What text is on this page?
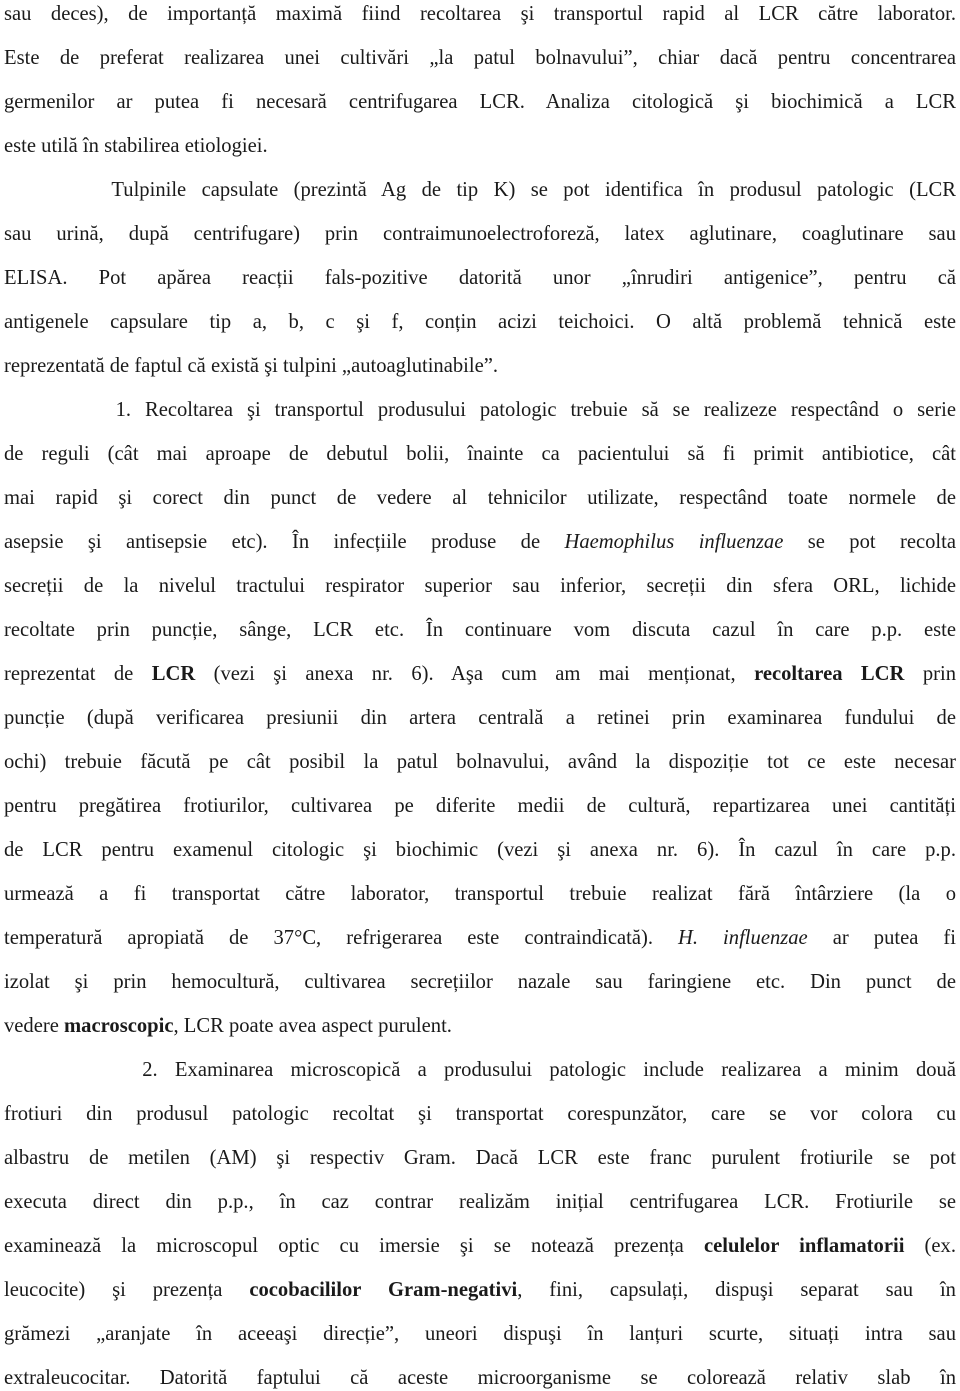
sau deces), de importanță maximă fiind recoltarea şi transportul rapid al LCR către laborator.
Este de preferat realizarea unei cultivări „la patul bolnavului”, chiar dacă pentru concentrarea
germenilor ar putea fi necesară centrifugarea LCR. Analiza citologică şi biochimică a LCR
este utilă în stabilirea etiologiei.
Tulpinile capsulate (prezintă Ag de tip K) se pot identifica în produsul patologic (LCR
sau urină, după centrifugare) prin contraimunoelectroforeză, latex aglutinare, coaglutinare sau
ELISA. Pot apărea reacții fals-pozitive datorită unor „înrudiri antigenice”, pentru că
antigenele capsulare tip a, b, c şi f, conțin acizi teichoici. O altă problemă tehnică este
reprezentată de faptul că există şi tulpini „autoaglutinabile”.
1. Recoltarea şi transportul produsului patologic trebuie să se realizeze respectând o serie
de reguli (cât mai aproape de debutul bolii, înainte ca pacientului să fi primit antibiotice, cât
mai rapid şi corect din punct de vedere al tehnicilor utilizate, respectând toate normele de
asepsie şi antisepsie etc). În infecțiile produse de Haemophilus influenzae se pot recolta
secreții de la nivelul tractului respirator superior sau inferior, secreții din sfera ORL, lichide
recoltate prin puncție, sânge, LCR etc. În continuare vom discuta cazul în care p.p. este
reprezentat de LCR (vezi şi anexa nr. 6). Aşa cum am mai menționat, recoltarea LCR prin
puncție (după verificarea presiunii din artera centrală a retinei prin examinarea fundului de
ochi) trebuie făcută pe cât posibil la patul bolnavului, având la dispoziție tot ce este necesar
pentru pregătirea frotiurilor, cultivarea pe diferite medii de cultură, repartizarea unei cantități
de LCR pentru examenul citologic şi biochimic (vezi şi anexa nr. 6). În cazul în care p.p.
urmează a fi transportat către laborator, transportul trebuie realizat fără întârziere (la o
temperatură apropiată de 37°C, refrigerarea este contraindicată). H. influenzae ar putea fi
izolat şi prin hemocultură, cultivarea secrețiilor nazale sau faringiene etc. Din punct de
vedere macroscopic, LCR poate avea aspect purulent.
2. Examinarea microscopică a produsului patologic include realizarea a minim două
frotiuri din produsul patologic recoltat şi transportat corespunzător, care se vor colora cu
albastru de metilen (AM) şi respectiv Gram. Dacă LCR este franc purulent frotiurile se pot
executa direct din p.p., în caz contrar realizăm inițial centrifugarea LCR. Frotiurile se
examinează la microscopul optic cu imersie şi se notează prezența celulelor inflamatorii (ex.
leucocite) şi prezența cocobacililor Gram-negativi, fini, capsulați, dispuşi separat sau în
grămezi „aranjate în aceeaşi direcție”, uneori dispuşi în lanțuri scurte, situați intra sau
extraleucocitar. Datorită faptului că aceste microorganisme se colorează relativ slab în
